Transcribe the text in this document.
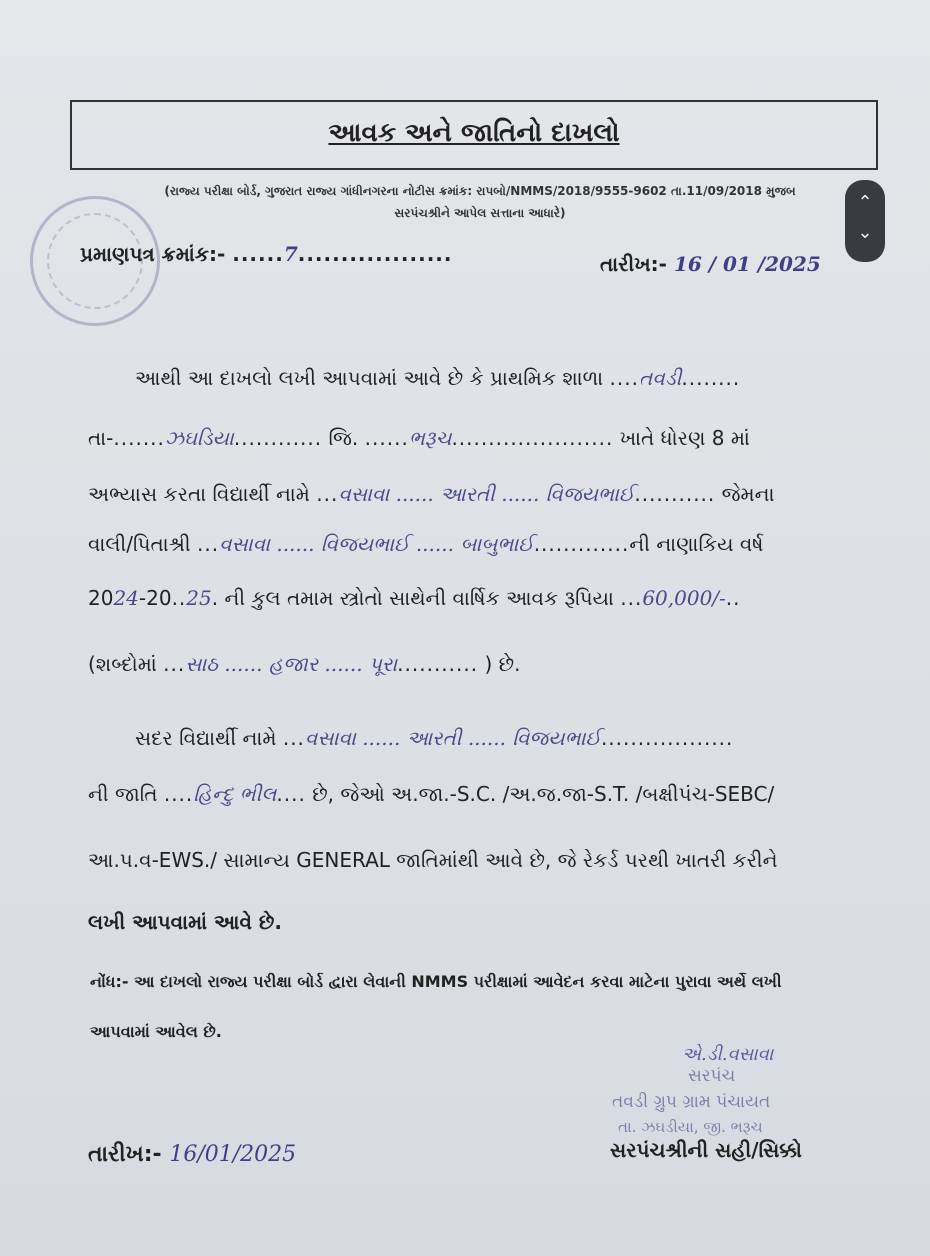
આવક અને જાતિનો દાખલો
(રાજ્ય પરીક્ષા બોર્ડ, ગુજરાત રાજ્ય ગાંધીનગરના નોટીસ ક્રમાંક: રાપબો/NMMS/2018/9555-9602 તા.11/09/2018 મુજબ
સરપંચશ્રીને આપેલ સત્તાના આધારે)	⌃
⌄
પ્રમાણપત્ર ક્રમાંક:- ......7..................	તારીખ:- 16 / 01 /2025
આથી આ દાખલો લખી આપવામાં આવે છે કે પ્રાથમિક શાળા ....તવડી........
તા-.......ઝઘડિયા............ જિ. ......ભરૂચ...................... ખાતે ધોરણ 8 માં
અભ્યાસ કરતા વિદ્યાર્થી નામે ...વસાવા ...... આરતી ...... વિજયભાઈ........... જેમના
વાલી/પિતાશ્રી ...વસાવા ...... વિજયભાઈ ...... બાબુભાઈ.............ની નાણાકિય વર્ષ
2024-20..25. ની કુલ તમામ સ્ત્રોતો સાથેની વાર્ષિક આવક રૂપિયા ...60,000/-..
(શબ્દોમાં ...સાઠ ...... હજાર ...... પૂરા........... ) છે.
સદર વિદ્યાર્થી નામે ...વસાવા ...... આરતી ...... વિજયભાઈ..................
ની જાતિ ....હિન્દુ ભીલ.... છે, જેઓ અ.જા.-S.C. /અ.જ.જા-S.T. /બક્ષીપંચ-SEBC/
આ.પ.વ-EWS./ સામાન્ય GENERAL જાતિમાંથી આવે છે, જે રેકર્ડ પરથી ખાતરી કરીને
લખી આપવામાં આવે છે.
નોંધ:- આ દાખલો રાજ્ય પરીક્ષા બોર્ડ દ્વારા લેવાની NMMS પરીક્ષામાં આવેદન કરવા માટેના પુરાવા અર્થે લખી
આપવામાં આવેલ છે.
એ.ડી.વસાવા
સરપંચ
તવડી ગ્રુપ ગ્રામ પંચાયત
તા. ઝઘડીયા, જી. ભરૂચ
સરપંચશ્રીની સહી/સિક્કો
તારીખ:- 16/01/2025
